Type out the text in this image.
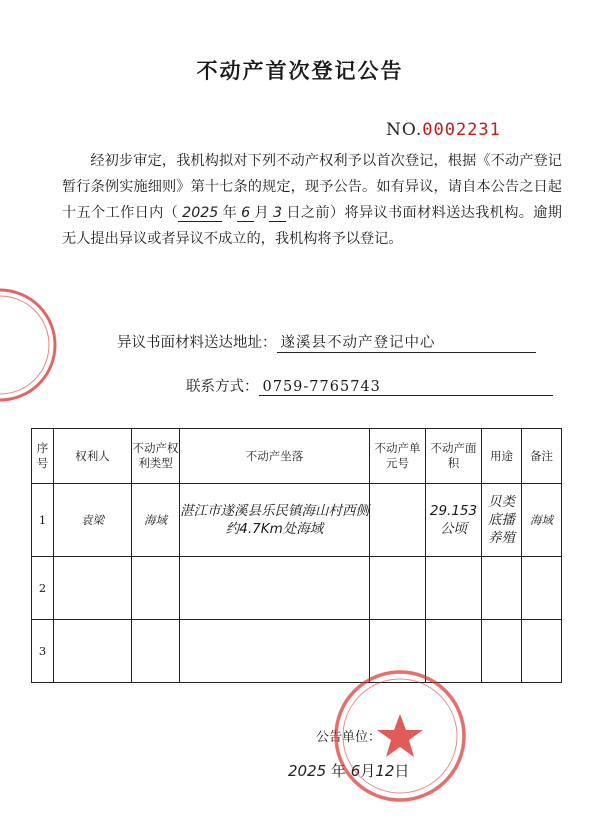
不动产首次登记公告
NO.0002231

经初步审定，我机构拟对下列不动产权利予以首次登记，根据《不动产登记暂行条例实施细则》第十七条的规定，现予公告。如有异议，请自本公告之日起十五个工作日内（ 2025 年 6 月 3 日之前）将异议书面材料送达我机构。逾期无人提出异议或者异议不成立的，我机构将予以登记。

异议书面材料送达地址： 遂溪县不动产登记中心
联系方式： 0759-7765743
序号	权利人	不动产权利类型	不动产坐落	不动产单元号	不动产面积	用途	备注
1	袁梁	海域	湛江市遂溪县乐民镇海山村西侧约4.7Km处海域		29.153公顷	贝类底播养殖	海域
2							
3							
公告单位：
2025 年 6月12日
